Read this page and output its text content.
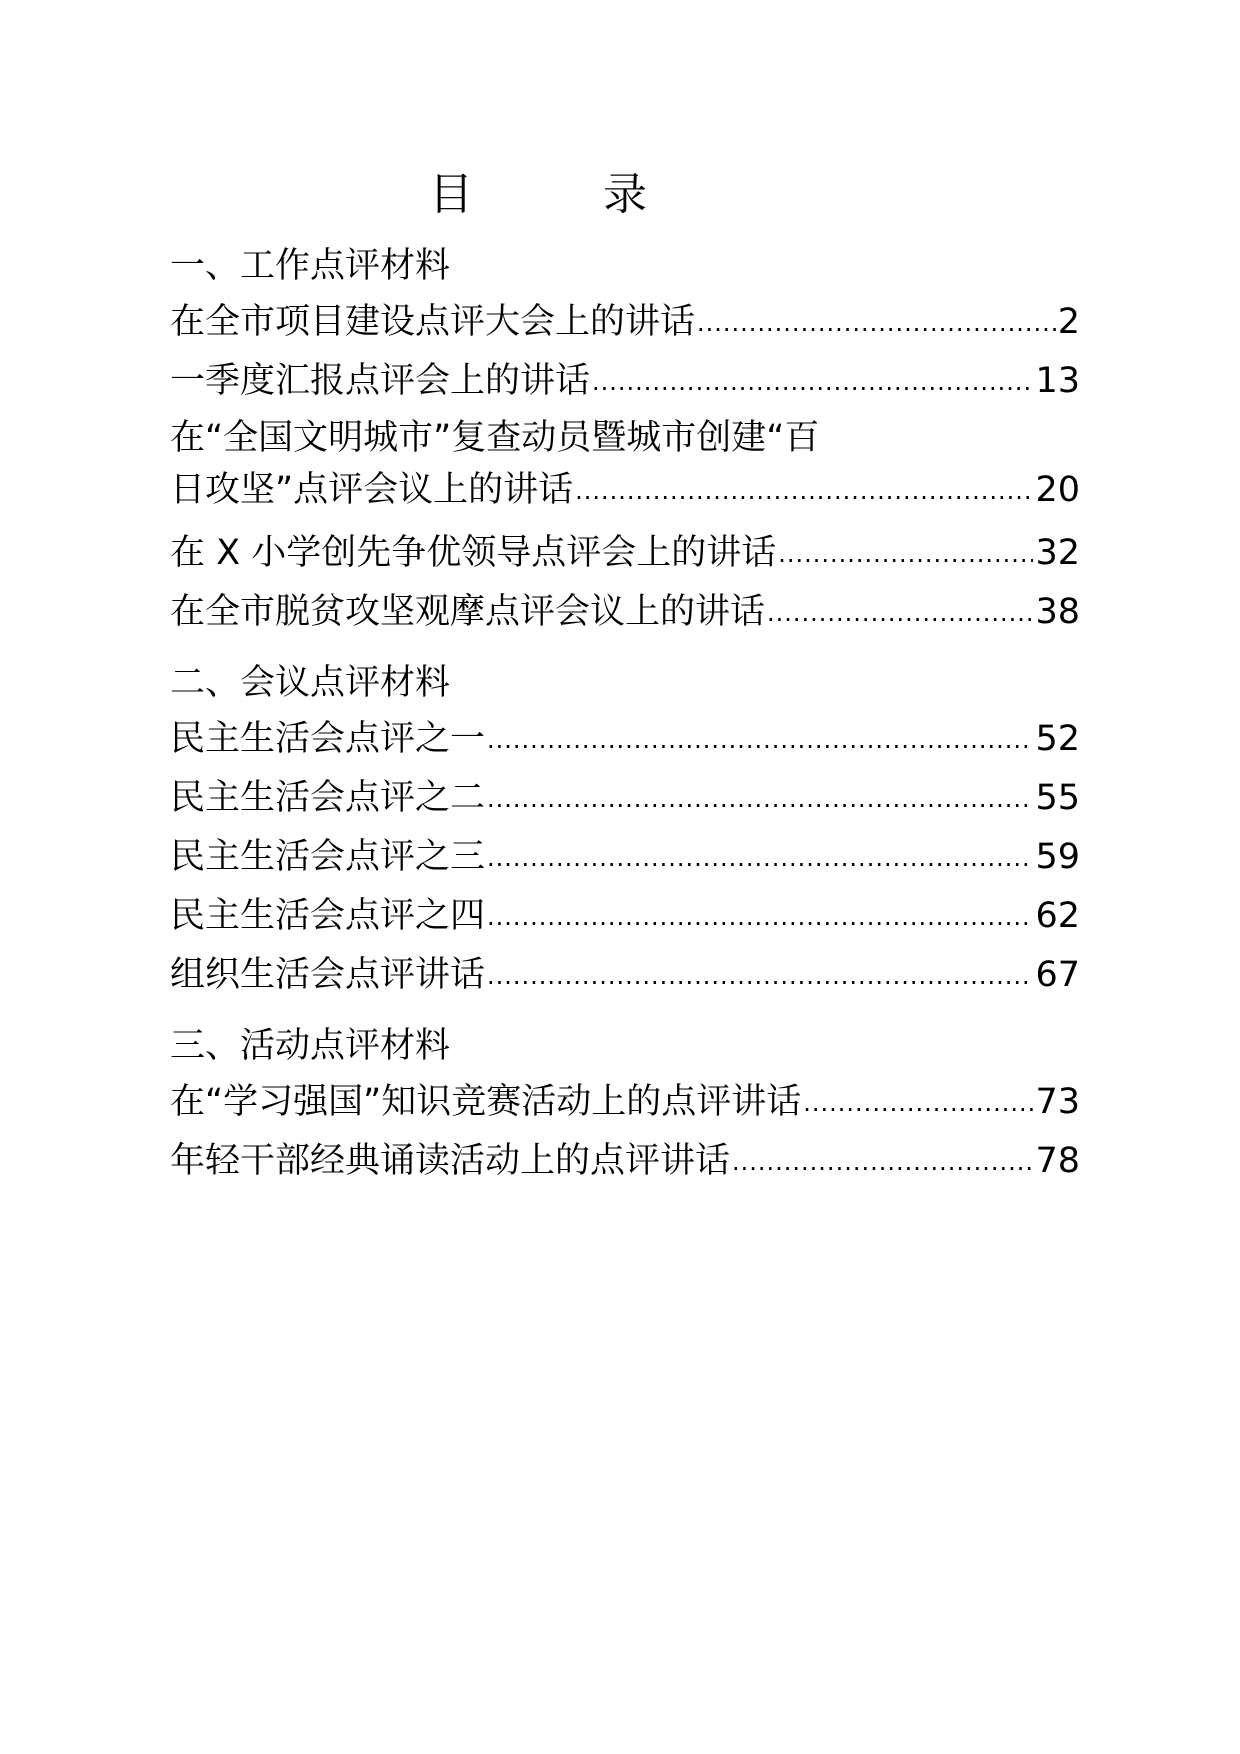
目  录
一、工作点评材料
在全市项目建设点评大会上的讲话 .....	2
一季度汇报点评会上的讲话 .....	13
在“全国文明城市”复查动员暨城市创建“百
日攻坚”点评会议上的讲话 .....	20
在 X 小学创先争优领导点评会上的讲话 .....	32
在全市脱贫攻坚观摩点评会议上的讲话 .....	38
二、会议点评材料
民主生活会点评之一 .....	52
民主生活会点评之二 .....	55
民主生活会点评之三 .....	59
民主生活会点评之四 .....	62
组织生活会点评讲话 .....	67
三、活动点评材料
在“学习强国”知识竞赛活动上的点评讲话 .....	73
年轻干部经典诵读活动上的点评讲话 .....	78
